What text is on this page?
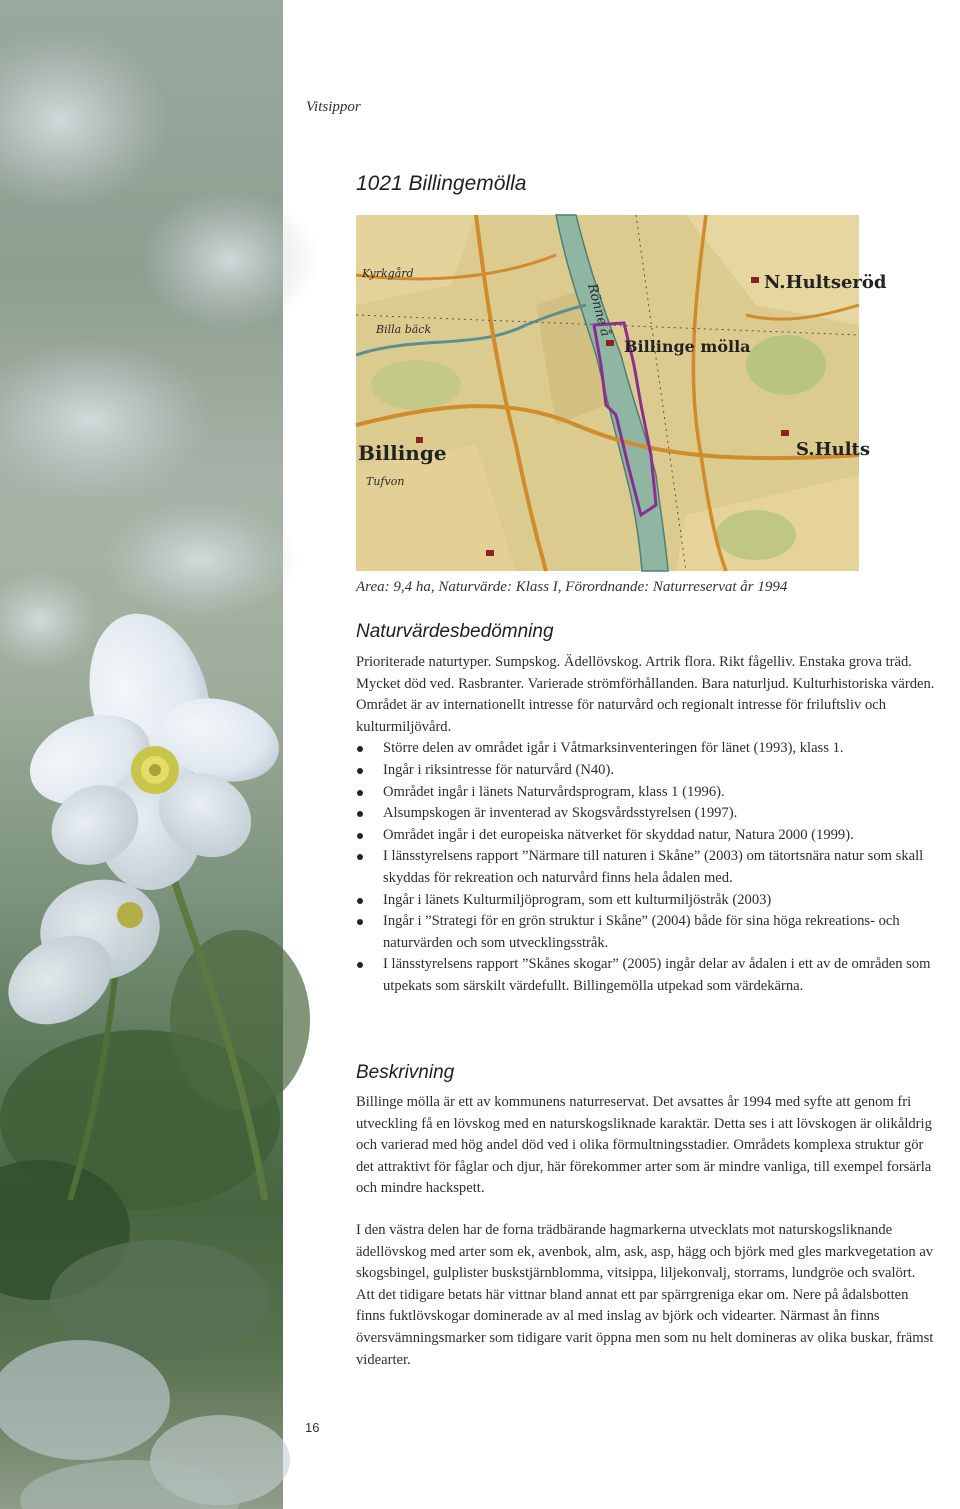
Vitsippor
1021 Billingemölla
Rönne å	N.Hultseröd
Billinge mölla
Billinge	S.Hults
Tufvon
Billa bäck
Kyrkgård
Area: 9,4 ha, Naturvärde: Klass I, Förordnande: Naturreservat år 1994
Naturvärdesbedömning

Prioriterade naturtyper. Sumpskog. Ädellövskog. Artrik flora. Rikt fågelliv. Enstaka grova träd. Mycket död ved. Rasbranter. Varierade strömförhållanden. Bara naturljud. Kulturhistoriska värden. Området är av internationellt intresse för naturvård och regionalt intresse för friluftsliv och kulturmiljövård.

Större delen av området igår i Våtmarksinventeringen för länet (1993), klass 1.
Ingår i riksintresse för naturvård (N40).
Området ingår i länets Naturvårdsprogram, klass 1 (1996).
Alsumpskogen är inventerad av Skogsvårdsstyrelsen (1997).
Området ingår i det europeiska nätverket för skyddad natur, Natura 2000 (1999).
I länsstyrelsens rapport ”Närmare till naturen i Skåne” (2003) om tätortsnära natur som skall skyddas för rekreation och naturvård finns hela ådalen med.
Ingår i länets Kulturmiljöprogram, som ett kulturmiljöstråk (2003)
Ingår i ”Strategi för en grön struktur i Skåne” (2004) både för sina höga rekreations- och naturvärden och som utvecklingsstråk.
I länsstyrelsens rapport ”Skånes skogar” (2005) ingår delar av ådalen i ett av de områden som utpekats som särskilt värdefullt. Billingemölla utpekad som värdekärna.
Beskrivning

Billinge mölla är ett av kommunens naturreservat. Det avsattes år 1994 med syfte att genom fri utveckling få en lövskog med en naturskogsliknade karaktär. Detta ses i att lövskogen är olikåldrig och varierad med hög andel död ved i olika förmultningsstadier. Områdets komplexa struktur gör det attraktivt för fåglar och djur, här förekommer arter som är mindre vanliga, till exempel forsärla och mindre hackspett.

I den västra delen har de forna trädbärande hagmarkerna utvecklats mot naturskogsliknande ädellövskog med arter som ek, avenbok, alm, ask, asp, hägg och björk med gles markvegetation av skogsbingel, gulplister buskstjärnblomma, vitsippa, liljekonvalj, storrams, lundgröe och svalört. Att det tidigare betats här vittnar bland annat ett par spärrgreniga ekar om. Nere på ådalsbotten finns fuktlövskogar dominerade av al med inslag av björk och videarter. Närmast ån finns översvämningsmarker som tidigare varit öppna men som nu helt domineras av olika buskar, främst videarter.

16
